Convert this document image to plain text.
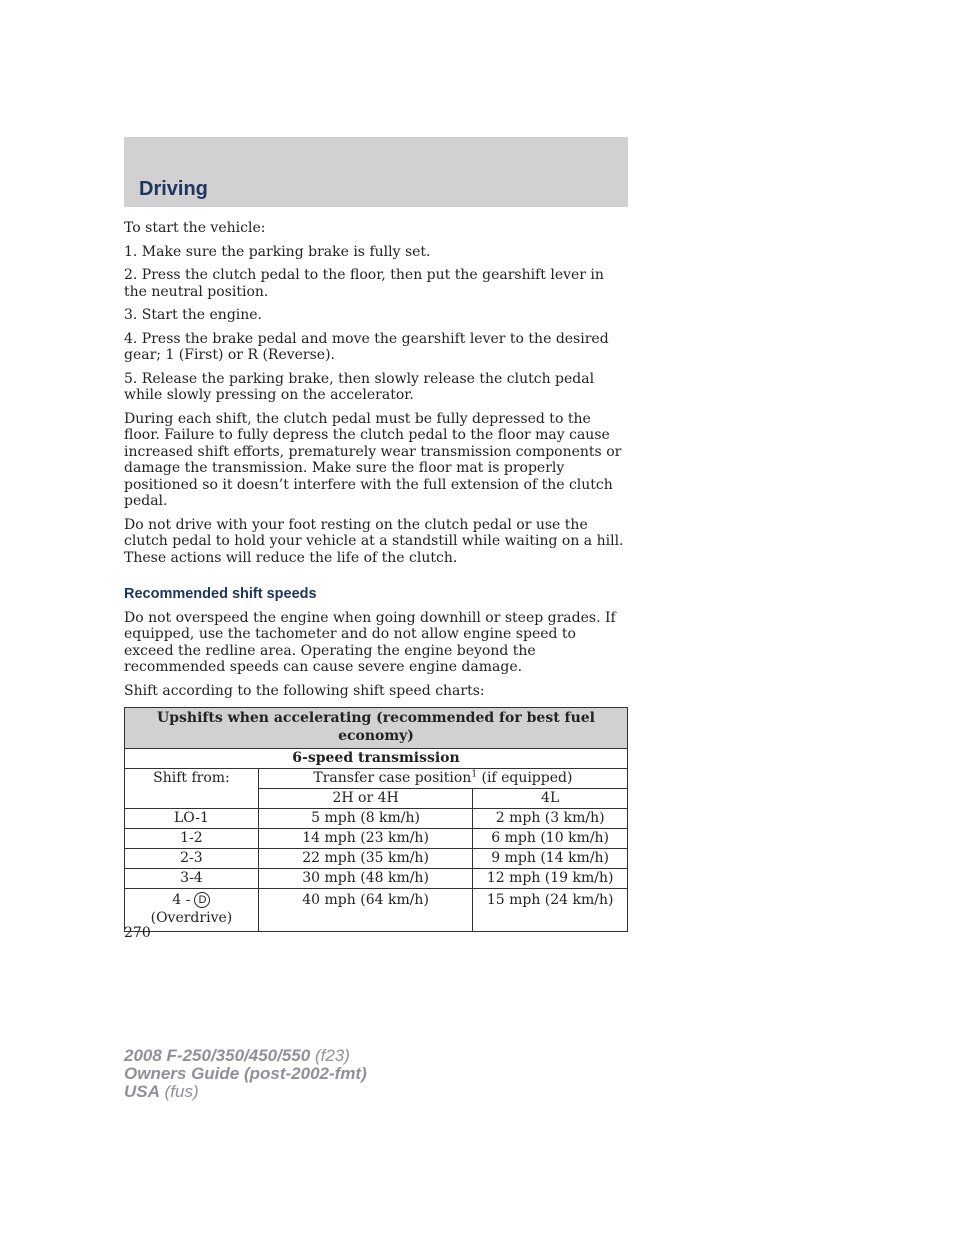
Driving

To start the vehicle:

1. Make sure the parking brake is fully set.

2. Press the clutch pedal to the floor, then put the gearshift lever in the neutral position.

3. Start the engine.

4. Press the brake pedal and move the gearshift lever to the desired gear; 1 (First) or R (Reverse).

5. Release the parking brake, then slowly release the clutch pedal while slowly pressing on the accelerator.

During each shift, the clutch pedal must be fully depressed to the floor. Failure to fully depress the clutch pedal to the floor may cause increased shift efforts, prematurely wear transmission components or damage the transmission. Make sure the floor mat is properly positioned so it doesn’t interfere with the full extension of the clutch pedal.

Do not drive with your foot resting on the clutch pedal or use the clutch pedal to hold your vehicle at a standstill while waiting on a hill. These actions will reduce the life of the clutch.

Recommended shift speeds

Do not overspeed the engine when going downhill or steep grades. If equipped, use the tachometer and do not allow engine speed to exceed the redline area. Operating the engine beyond the recommended speeds can cause severe engine damage.

Shift according to the following shift speed charts:

Upshifts when accelerating (recommended for best fuel economy)		
6-speed transmission		
Shift from:	Transfer case position$^1$ (if equipped)	
	2H or 4H	4L
LO-1	5 mph (8 km/h)	2 mph (3 km/h)
1-2	14 mph (23 km/h)	6 mph (10 km/h)
2-3	22 mph (35 km/h)	9 mph (14 km/h)
3-4	30 mph (48 km/h)	12 mph (19 km/h)
4 - D
(Overdrive)	40 mph (64 km/h)	15 mph (24 km/h)
270
2008 F-250/350/450/550 (f23)
Owners Guide (post-2002-fmt)
USA (fus)
